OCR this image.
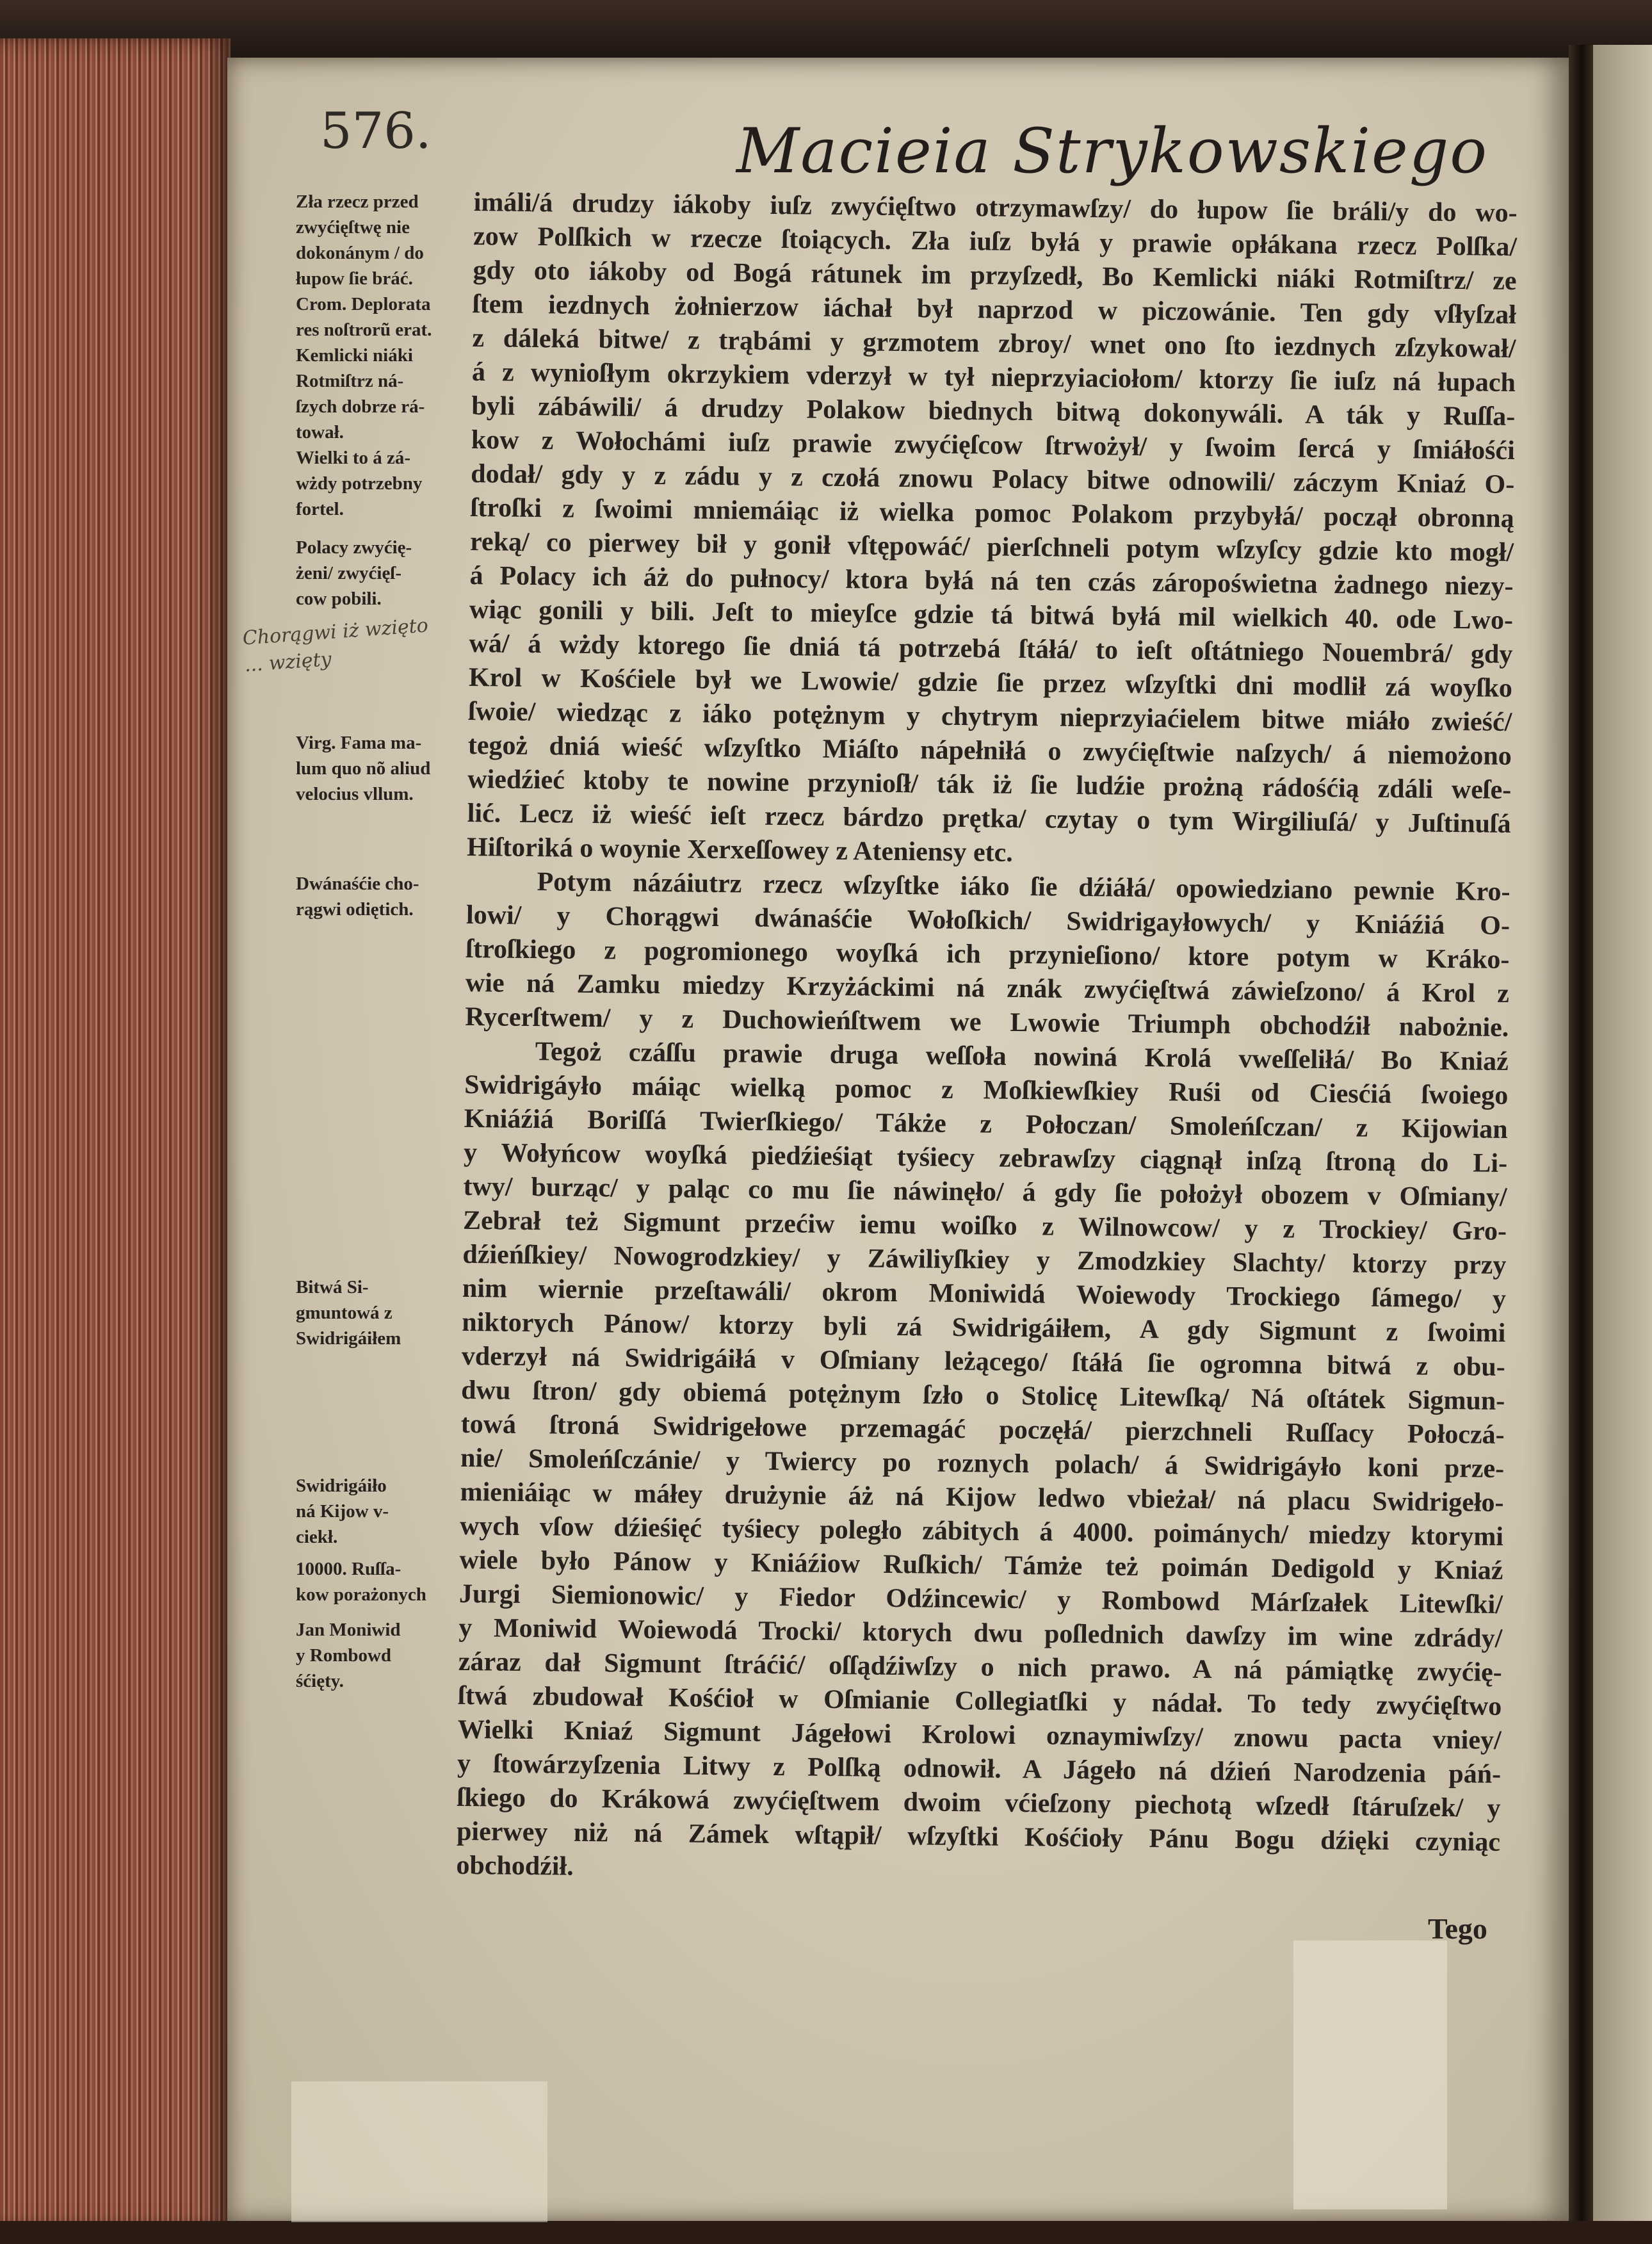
576.	Macieia Strykowskiego
imáli/á drudzy iákoby iuſz zwyćięſtwo otrzymawſzy/ do łupow ſie bráli/y do wo-
zow Polſkich w rzecze ſtoiących. Zła iuſz byłá y prawie opłákana rzecz Polſka/
gdy oto iákoby od Bogá rátunek im przyſzedł, Bo Kemlicki niáki Rotmiſtrz/ ze
ſtem iezdnych żołnierzow iáchał był naprzod w piczowánie. Ten gdy vſłyſzał
z dáleká bitwe/ z trąbámi y grzmotem zbroy/ wnet ono ſto iezdnych zſzykował/
á z wynioſłym okrzykiem vderzył w tył nieprzyiaciołom/ ktorzy ſie iuſz ná łupach
byli zábáwili/ á drudzy Polakow biednych bitwą dokonywáli. A ták y Ruſſa-
kow z Wołochámi iuſz prawie zwyćięſcow ſtrwożył/ y ſwoim ſercá y ſmiáłośći
dodał/ gdy y z zádu y z czołá znowu Polacy bitwe odnowili/ záczym Kniaź O-
ſtroſki z ſwoimi mniemáiąc iż wielka pomoc Polakom przybyłá/ począł obronną
reką/ co pierwey bił y gonił vſtępowáć/ pierſchneli potym wſzyſcy gdzie kto mogł/
á Polacy ich áż do pułnocy/ ktora byłá ná ten czás záropoświetna żadnego niezy-
wiąc gonili y bili. Jeſt to mieyſce gdzie tá bitwá byłá mil wielkich 40. ode Lwo-
wá/ á wżdy ktorego ſie dniá tá potrzebá ſtáłá/ to ieſt oſtátniego Nouembrá/ gdy
Krol w Kośćiele był we Lwowie/ gdzie ſie przez wſzyſtki dni modlił zá woyſko
ſwoie/ wiedząc z iáko potężnym y chytrym nieprzyiaćielem bitwe miáło zwieść/
tegoż dniá wieść wſzyſtko Miáſto nápełniłá o zwyćięſtwie naſzych/ á niemożono
wiedźieć ktoby te nowine przynioſł/ ták iż ſie ludźie prożną rádośćią zdáli weſe-
lić. Lecz iż wieść ieſt rzecz bárdzo prętka/ czytay o tym Wirgiliuſá/ y Juſtinuſá
Hiſtoriká o woynie Xerxeſſowey z Ateniensy etc.
Potym názáiutrz rzecz wſzyſtke iáko ſie dźiáłá/ opowiedziano pewnie Kro-
lowi/ y Chorągwi dwánaśćie Wołoſkich/ Swidrigayłowych/ y Kniáźiá O-
ſtroſkiego z pogromionego woyſká ich przynieſiono/ ktore potym w Kráko-
wie ná Zamku miedzy Krzyżáckimi ná znák zwyćięſtwá záwieſzono/ á Krol z
Rycerſtwem/ y z Duchowieńſtwem we Lwowie Triumph obchodźił nabożnie.
Tegoż czáſſu prawie druga weſſoła nowiná Krolá vweſſeliłá/ Bo Kniaź
Swidrigáyło máiąc wielką pomoc z Moſkiewſkiey Ruśi od Ciesćiá ſwoiego
Kniáźiá Boriſſá Twierſkiego/ Tákże z Połoczan/ Smoleńſczan/ z Kijowian
y Wołyńcow woyſká piedźieśiąt tyśiecy zebrawſzy ciągnął inſzą ſtroną do Li-
twy/ burząc/ y paląc co mu ſie náwinęło/ á gdy ſie położył obozem v Oſmiany/
Zebrał też Sigmunt przećiw iemu woiſko z Wilnowcow/ y z Trockiey/ Gro-
dźieńſkiey/ Nowogrodzkiey/ y Záwiliyſkiey y Zmodzkiey Slachty/ ktorzy przy
nim wiernie przeſtawáli/ okrom Moniwidá Woiewody Trockiego ſámego/ y
niktorych Pánow/ ktorzy byli zá Swidrigáiłem, A gdy Sigmunt z ſwoimi
vderzył ná Swidrigáiłá v Oſmiany leżącego/ ſtáłá ſie ogromna bitwá z obu-
dwu ſtron/ gdy obiemá potężnym ſzło o Stolicę Litewſką/ Ná oſtátek Sigmun-
towá ſtroná Swidrigełowe przemagáć poczęłá/ pierzchneli Ruſſacy Połoczá-
nie/ Smoleńſczánie/ y Twiercy po roznych polach/ á Swidrigáyło koni prze-
mieniáiąc w máłey drużynie áż ná Kijow ledwo vbieżał/ ná placu Swidrigeło-
wych vſow dźieśięć tyśiecy poległo zábitych á 4000. poimánych/ miedzy ktorymi
wiele było Pánow y Kniáźiow Ruſkich/ Támże też poimán Dedigold y Kniaź
Jurgi Siemionowic/ y Fiedor Odźincewic/ y Rombowd Márſzałek Litewſki/
y Moniwid Woiewodá Trocki/ ktorych dwu poſlednich dawſzy im wine zdrády/
záraz dał Sigmunt ſtráćić/ oſſądźiwſzy o nich prawo. A ná pámiątkę zwyćię-
ſtwá zbudował Kośćioł w Oſmianie Collegiatſki y nádał. To tedy zwyćięſtwo
Wielki Kniaź Sigmunt Jágełowi Krolowi oznaymiwſzy/ znowu pacta vniey/
y ſtowárzyſzenia Litwy z Polſką odnowił. A Jágeło ná dźień Narodzenia páń-
ſkiego do Krákowá zwyćięſtwem dwoim vćieſzony piechotą wſzedł ſtáruſzek/ y
pierwey niż ná Zámek wſtąpił/ wſzyſtki Kośćioły Pánu Bogu dźięki czyniąc
obchodźił.
Zła rzecz przed
zwyćięſtwę nie
dokonánym / do
łupow ſie bráć.
Crom. Deplorata
res noſtrorũ erat.
Kemlicki niáki
Rotmiſtrz ná-
ſzych dobrze rá-
tował.
Wielki to á zá-
wżdy potrzebny
fortel.
Polacy zwyćię-
żeni/ zwyćięſ-
cow pobili.
Chorągwi iż wzięto
... wzięty
Virg. Fama ma-
lum quo nõ aliud
velocius vllum.
Dwánaśćie cho-
rągwi odiętich.
Bitwá Si-
gmuntowá z
Swidrigáiłem
Swidrigáiło
ná Kijow v-
ciekł.
10000. Ruſſa-
kow porażonych
Jan Moniwid
y Rombowd
śćięty.
Tego
